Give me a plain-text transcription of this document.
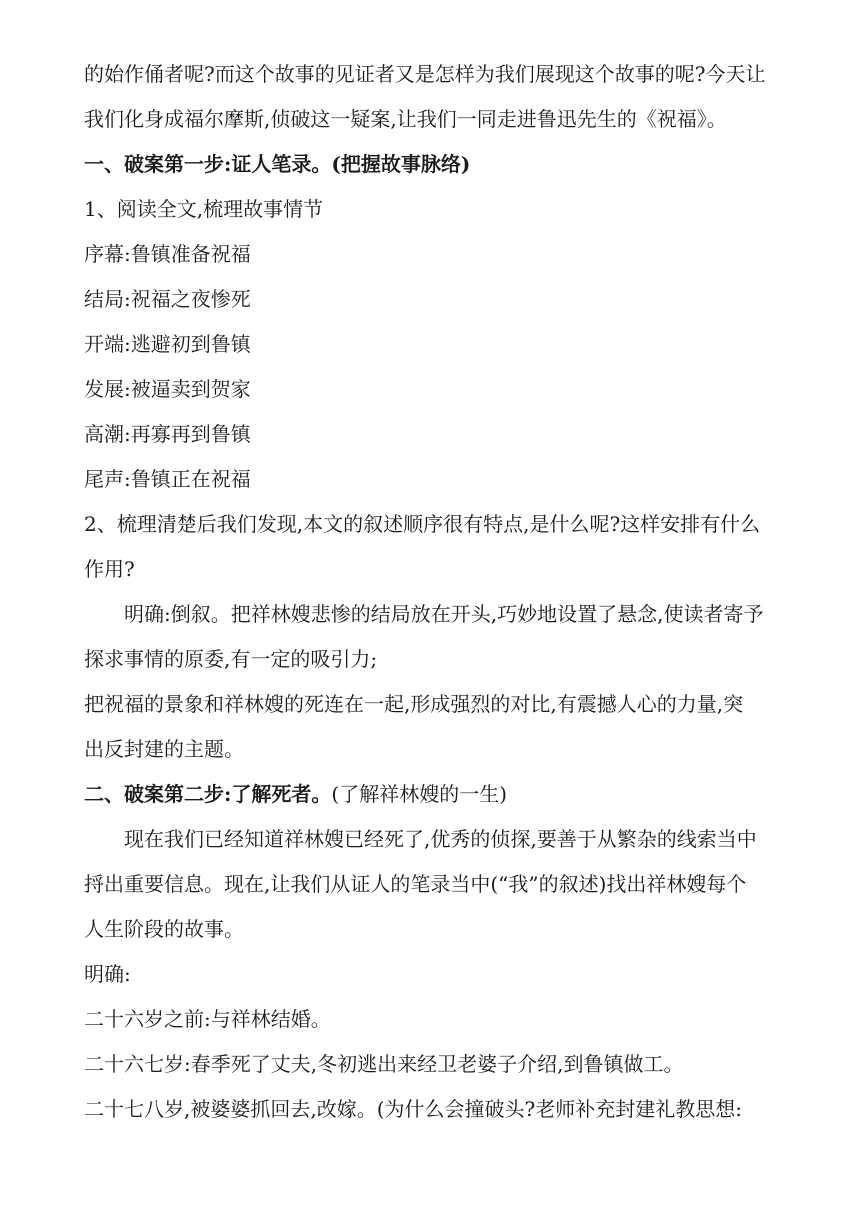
的始作俑者呢?而这个故事的见证者又是怎样为我们展现这个故事的呢?今天让

我们化身成福尔摩斯,侦破这一疑案,让我们一同走进鲁迅先生的《祝福》。

一、破案第一步:证人笔录。(把握故事脉络)

1、阅读全文,梳理故事情节

序幕:鲁镇准备祝福

结局:祝福之夜惨死

开端:逃避初到鲁镇

发展:被逼卖到贺家

高潮:再寡再到鲁镇

尾声:鲁镇正在祝福

2、梳理清楚后我们发现,本文的叙述顺序很有特点,是什么呢?这样安排有什么

作用?

明确:倒叙。把祥林嫂悲惨的结局放在开头,巧妙地设置了悬念,使读者寄予

探求事情的原委,有一定的吸引力;

把祝福的景象和祥林嫂的死连在一起,形成强烈的对比,有震撼人心的力量,突

出反封建的主题。

二、破案第二步:了解死者。(了解祥林嫂的一生)

现在我们已经知道祥林嫂已经死了,优秀的侦探,要善于从繁杂的线索当中

捋出重要信息。现在,让我们从证人的笔录当中(“我”的叙述)找出祥林嫂每个

人生阶段的故事。

明确:

二十六岁之前:与祥林结婚。

二十六七岁:春季死了丈夫,冬初逃出来经卫老婆子介绍,到鲁镇做工。

二十七八岁,被婆婆抓回去,改嫁。(为什么会撞破头?老师补充封建礼教思想:
